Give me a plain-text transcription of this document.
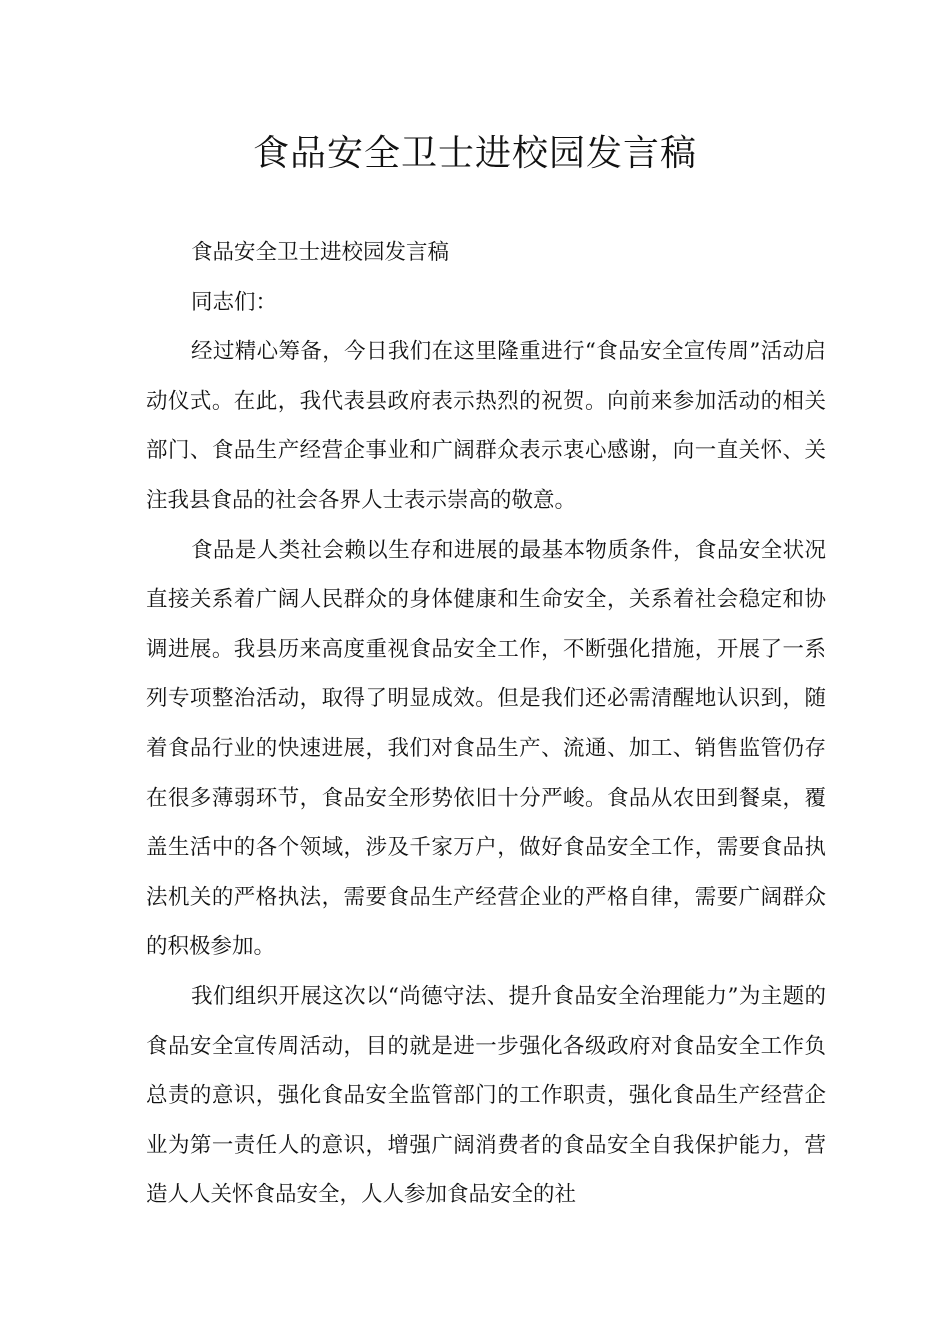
食品安全卫士进校园发言稿

食品安全卫士进校园发言稿

同志们：

经过精心筹备，今日我们在这里隆重进行“食品安全宣传周”活动启动仪式。在此，我代表县政府表示热烈的祝贺。向前来参加活动的相关部门、食品生产经营企事业和广阔群众表示衷心感谢，向一直关怀、关注我县食品的社会各界人士表示崇高的敬意。

食品是人类社会赖以生存和进展的最基本物质条件，食品安全状况直接关系着广阔人民群众的身体健康和生命安全，关系着社会稳定和协调进展。我县历来高度重视食品安全工作，不断强化措施，开展了一系列专项整治活动，取得了明显成效。但是我们还必需清醒地认识到，随着食品行业的快速进展，我们对食品生产、流通、加工、销售监管仍存在很多薄弱环节，食品安全形势依旧十分严峻。食品从农田到餐桌，覆盖生活中的各个领域，涉及千家万户，做好食品安全工作，需要食品执法机关的严格执法，需要食品生产经营企业的严格自律，需要广阔群众的积极参加。

我们组织开展这次以“尚德守法、提升食品安全治理能力”为主题的食品安全宣传周活动，目的就是进一步强化各级政府对食品安全工作负总责的意识，强化食品安全监管部门的工作职责，强化食品生产经营企业为第一责任人的意识，增强广阔消费者的食品安全自我保护能力，营造人人关怀食品安全，人人参加食品安全的社
